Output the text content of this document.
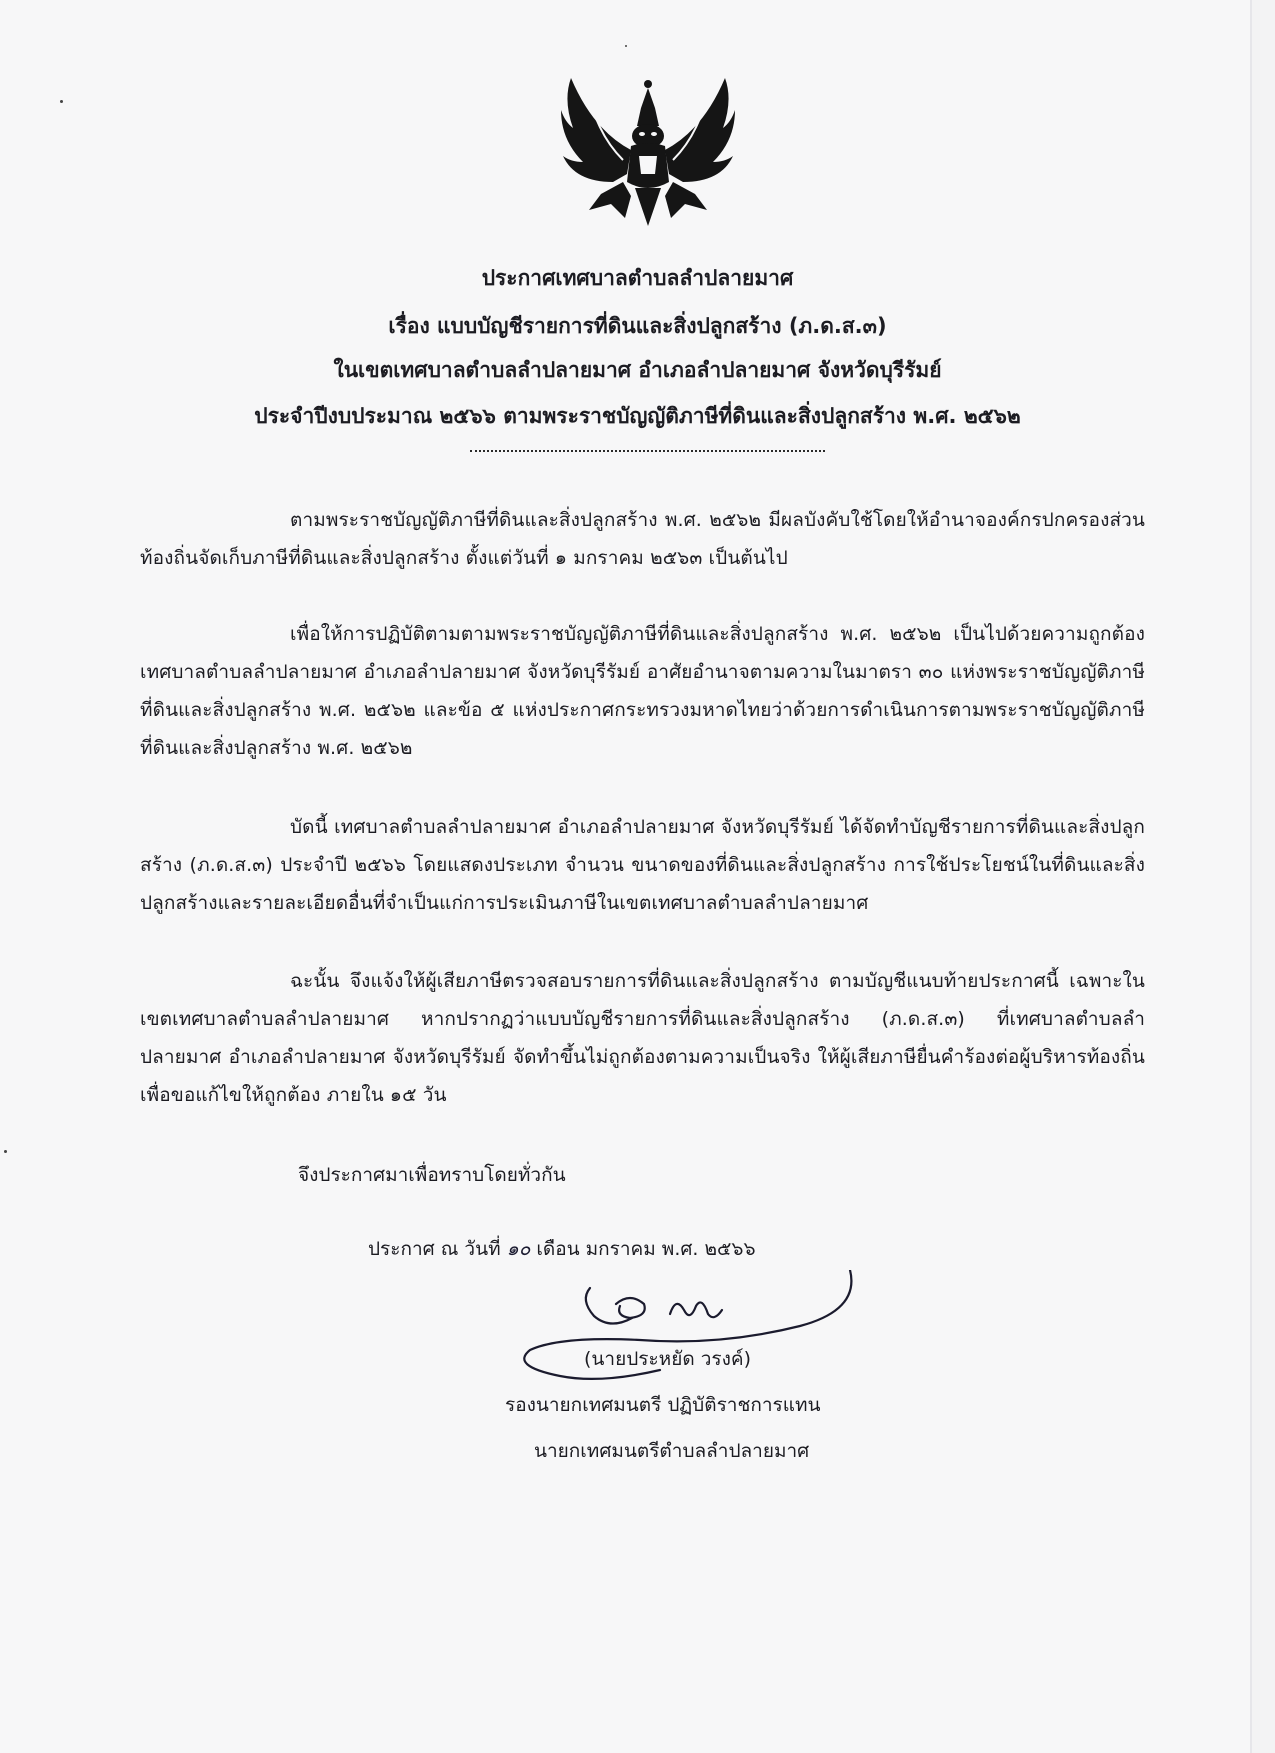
ประกาศเทศบาลตำบลลำปลายมาศ
เรื่อง แบบบัญชีรายการที่ดินและสิ่งปลูกสร้าง (ภ.ด.ส.๓)
ในเขตเทศบาลตำบลลำปลายมาศ อำเภอลำปลายมาศ จังหวัดบุรีรัมย์
ประจำปีงบประมาณ ๒๕๖๖ ตามพระราชบัญญัติภาษีที่ดินและสิ่งปลูกสร้าง พ.ศ. ๒๕๖๒
ตามพระราชบัญญัติภาษีที่ดินและสิ่งปลูกสร้าง พ.ศ. ๒๕๖๒ มีผลบังคับใช้โดยให้อำนาจองค์กรปกครองส่วนท้องถิ่นจัดเก็บภาษีที่ดินและสิ่งปลูกสร้าง ตั้งแต่วันที่ ๑ มกราคม ๒๕๖๓ เป็นต้นไป
เพื่อให้การปฏิบัติตามตามพระราชบัญญัติภาษีที่ดินและสิ่งปลูกสร้าง พ.ศ. ๒๕๖๒ เป็นไปด้วยความถูกต้อง เทศบาลตำบลลำปลายมาศ อำเภอลำปลายมาศ จังหวัดบุรีรัมย์ อาศัยอำนาจตามความในมาตรา ๓๐ แห่งพระราชบัญญัติภาษีที่ดินและสิ่งปลูกสร้าง พ.ศ. ๒๕๖๒ และข้อ ๕ แห่งประกาศกระทรวงมหาดไทยว่าด้วยการดำเนินการตามพระราชบัญญัติภาษีที่ดินและสิ่งปลูกสร้าง พ.ศ. ๒๕๖๒
บัดนี้ เทศบาลตำบลลำปลายมาศ อำเภอลำปลายมาศ จังหวัดบุรีรัมย์ ได้จัดทำบัญชีรายการที่ดินและสิ่งปลูกสร้าง (ภ.ด.ส.๓) ประจำปี ๒๕๖๖ โดยแสดงประเภท จำนวน ขนาดของที่ดินและสิ่งปลูกสร้าง การใช้ประโยชน์ในที่ดินและสิ่งปลูกสร้างและรายละเอียดอื่นที่จำเป็นแก่การประเมินภาษีในเขตเทศบาลตำบลลำปลายมาศ
ฉะนั้น จึงแจ้งให้ผู้เสียภาษีตรวจสอบรายการที่ดินและสิ่งปลูกสร้าง ตามบัญชีแนบท้ายประกาศนี้ เฉพาะในเขตเทศบาลตำบลลำปลายมาศ หากปรากฏว่าแบบบัญชีรายการที่ดินและสิ่งปลูกสร้าง (ภ.ด.ส.๓) ที่เทศบาลตำบลลำปลายมาศ อำเภอลำปลายมาศ จังหวัดบุรีรัมย์ จัดทำขึ้นไม่ถูกต้องตามความเป็นจริง ให้ผู้เสียภาษียื่นคำร้องต่อผู้บริหารท้องถิ่นเพื่อขอแก้ไขให้ถูกต้อง ภายใน ๑๕ วัน
จึงประกาศมาเพื่อทราบโดยทั่วกัน
ประกาศ ณ วันที่ ๑๐ เดือน มกราคม พ.ศ. ๒๕๖๖
(นายประหยัด วรงค์)
รองนายกเทศมนตรี ปฏิบัติราชการแทน
นายกเทศมนตรีตำบลลำปลายมาศ
